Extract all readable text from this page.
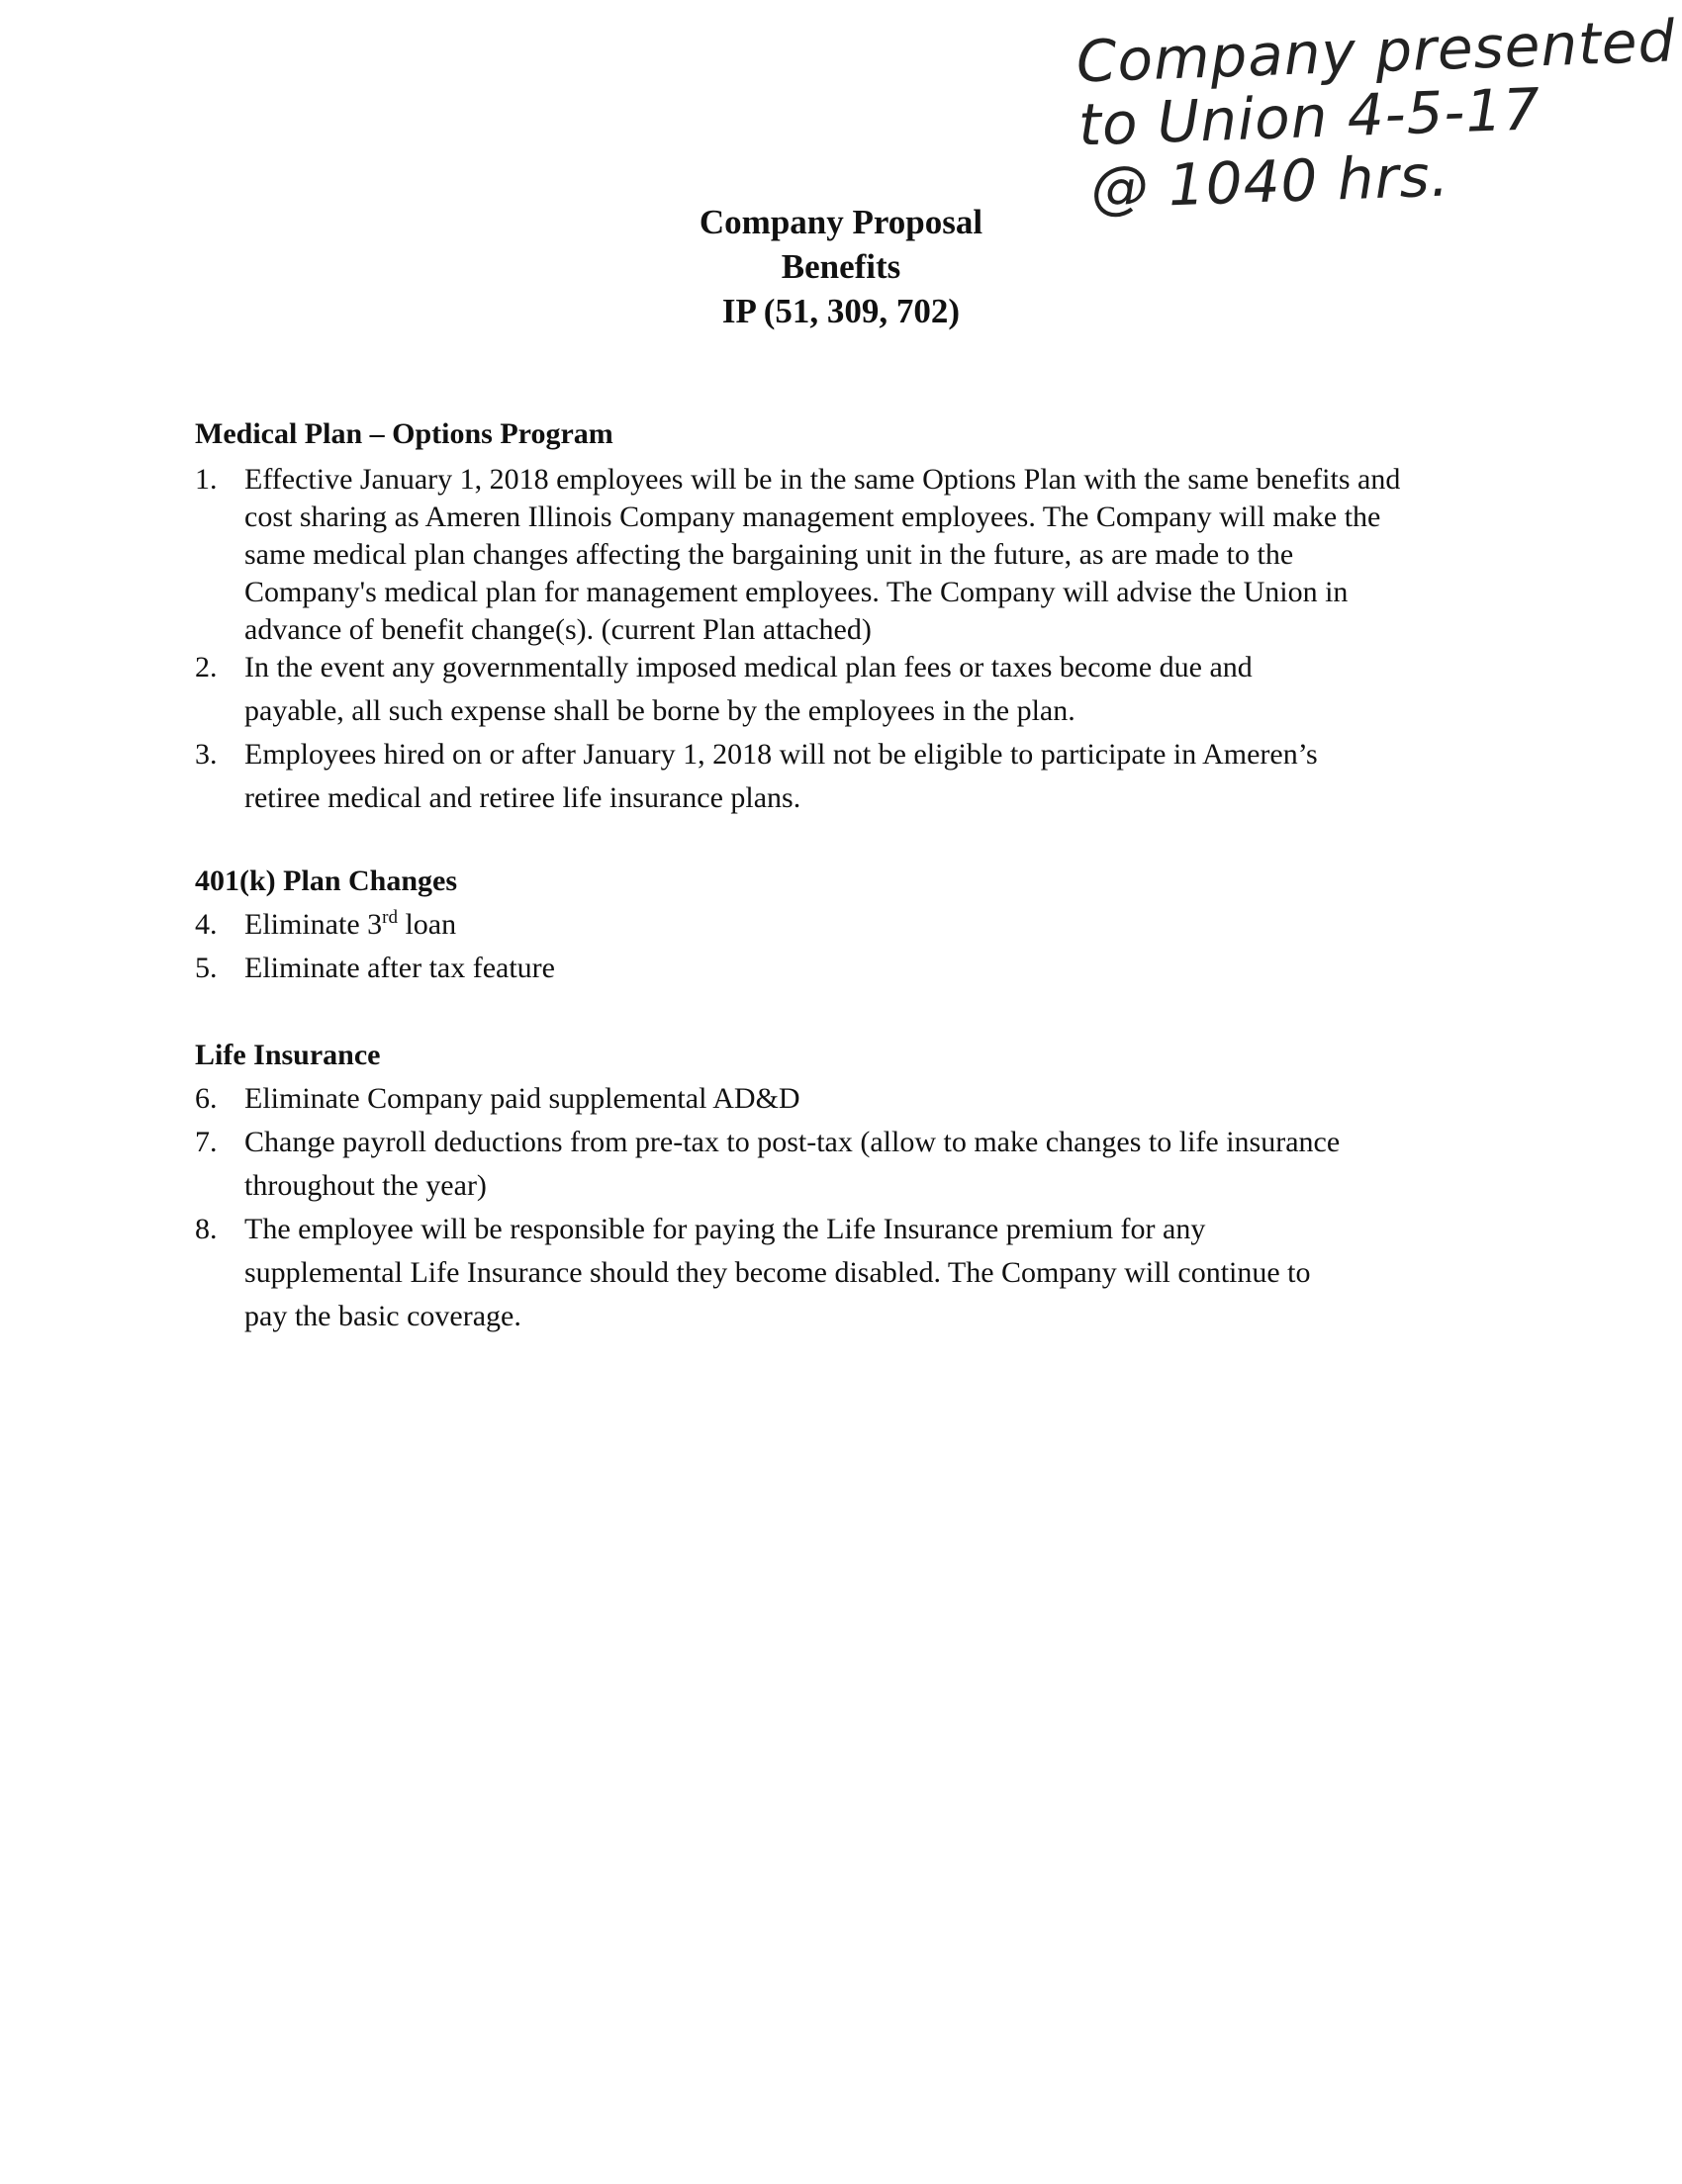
Company presented
to Union 4-5-17
@ 1040 hrs.
Company Proposal
Benefits
IP (51, 309, 702)
Medical Plan – Options Program
1. Effective January 1, 2018 employees will be in the same Options Plan with the same benefits and
cost sharing as Ameren Illinois Company management employees. The Company will make the
same medical plan changes affecting the bargaining unit in the future, as are made to the
Company's medical plan for management employees. The Company will advise the Union in
advance of benefit change(s). (current Plan attached)
2. In the event any governmentally imposed medical plan fees or taxes become due and
payable, all such expense shall be borne by the employees in the plan.
3. Employees hired on or after January 1, 2018 will not be eligible to participate in Ameren’s
retiree medical and retiree life insurance plans.
401(k) Plan Changes
4. Eliminate 3rd loan
5. Eliminate after tax feature
Life Insurance
6. Eliminate Company paid supplemental AD&D
7. Change payroll deductions from pre-tax to post-tax (allow to make changes to life insurance
throughout the year)
8. The employee will be responsible for paying the Life Insurance premium for any
supplemental Life Insurance should they become disabled. The Company will continue to
pay the basic coverage.
